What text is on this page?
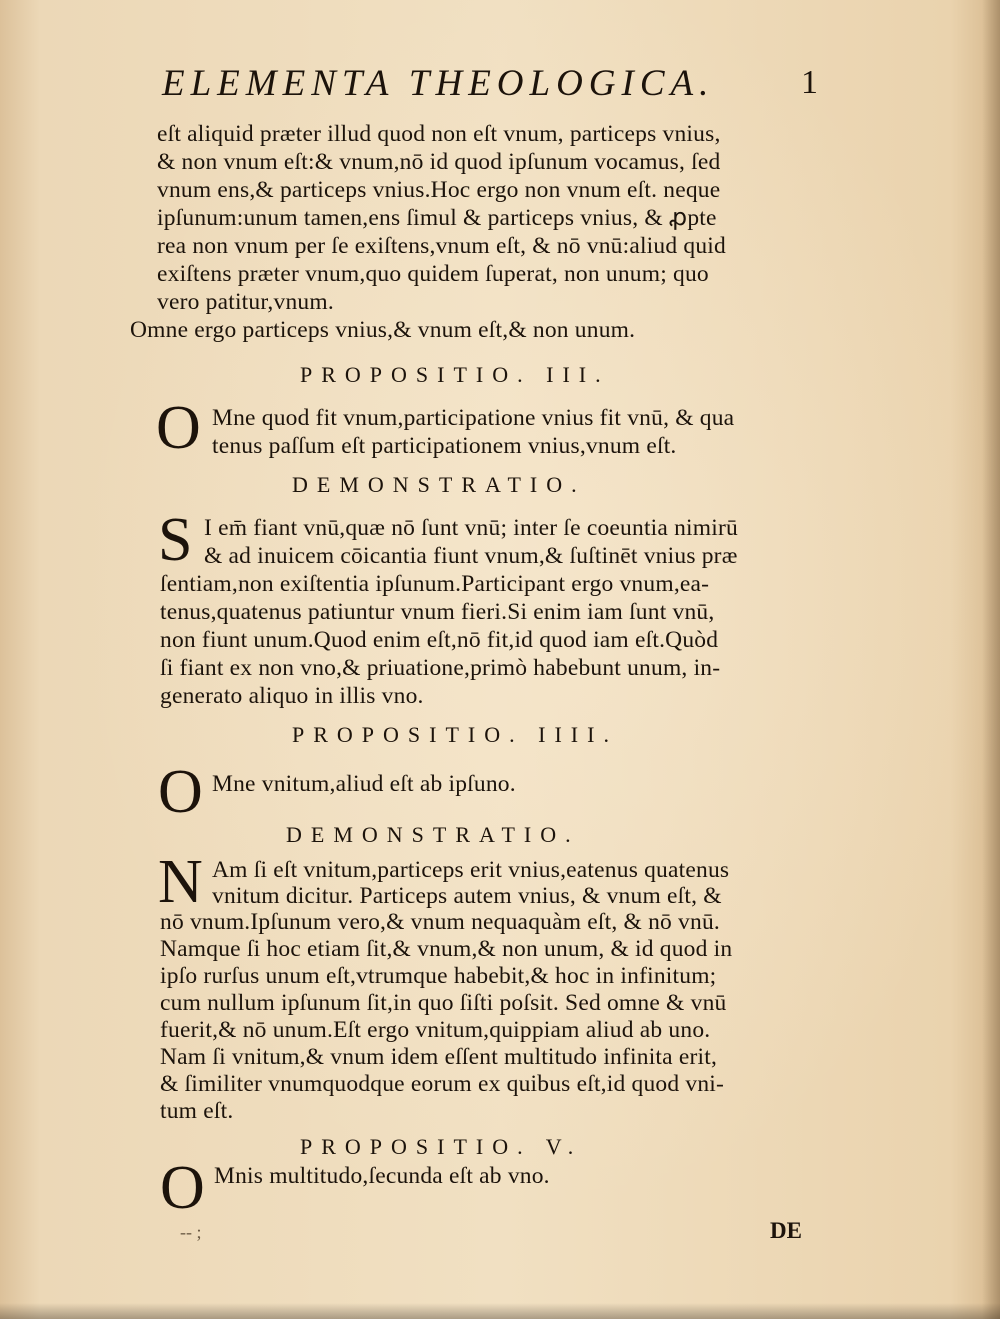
ELEMENTA THEOLOGICA.	1
eſt aliquid præter illud quod non eſt vnum, particeps vnius,
& non vnum eſt:& vnum,nō id quod ipſunum vocamus, ſed
vnum ens,& particeps vnius.Hoc ergo non vnum eſt. neque
ipſunum:unum tamen,ens ſimul & particeps vnius, & ꝓpte
rea non vnum per ſe exiſtens,vnum eſt, & nō vnū:aliud quid
exiſtens præter vnum,quo quidem ſuperat, non unum; quo
vero patitur,vnum.
Omne ergo particeps vnius,& vnum eſt,& non unum.
PROPOSITIO. III.
O Mne quod fit vnum,participatione vnius fit vnū, & qua
tenus paſſum eſt participationem vnius,vnum eſt.
DEMONSTRATIO.
S I em̄ fiant vnū,quæ nō ſunt vnū; inter ſe coeuntia nimirū
& ad inuicem cōicantia fiunt vnum,& ſuſtinēt vnius præ
ſentiam,non exiſtentia ipſunum.Participant ergo vnum,ea-
tenus,quatenus patiuntur vnum fieri.Si enim iam ſunt vnū,
non fiunt unum.Quod enim eſt,nō fit,id quod iam eſt.Quòd
ſi fiant ex non vno,& priuatione,primò habebunt unum, in-
generato aliquo in illis vno.
PROPOSITIO. IIII.
O Mne vnitum,aliud eſt ab ipſuno.
DEMONSTRATIO.
N Am ſi eſt vnitum,particeps erit vnius,eatenus quatenus
vnitum dicitur. Particeps autem vnius, & vnum eſt, &
nō vnum.Ipſunum vero,& vnum nequaquàm eſt, & nō vnū.
Namque ſi hoc etiam ſit,& vnum,& non unum, & id quod in
ipſo rurſus unum eſt,vtrumque habebit,& hoc in infinitum;
cum nullum ipſunum ſit,in quo ſiſti poſsit. Sed omne & vnū
fuerit,& nō unum.Eſt ergo vnitum,quippiam aliud ab uno.
Nam ſi vnitum,& vnum idem eſſent multitudo infinita erit,
& ſimiliter vnumquodque eorum ex quibus eſt,id quod vni-
tum eſt.
PROPOSITIO. V.
O Mnis multitudo,ſecunda eſt ab vno.
-- ;	DE
